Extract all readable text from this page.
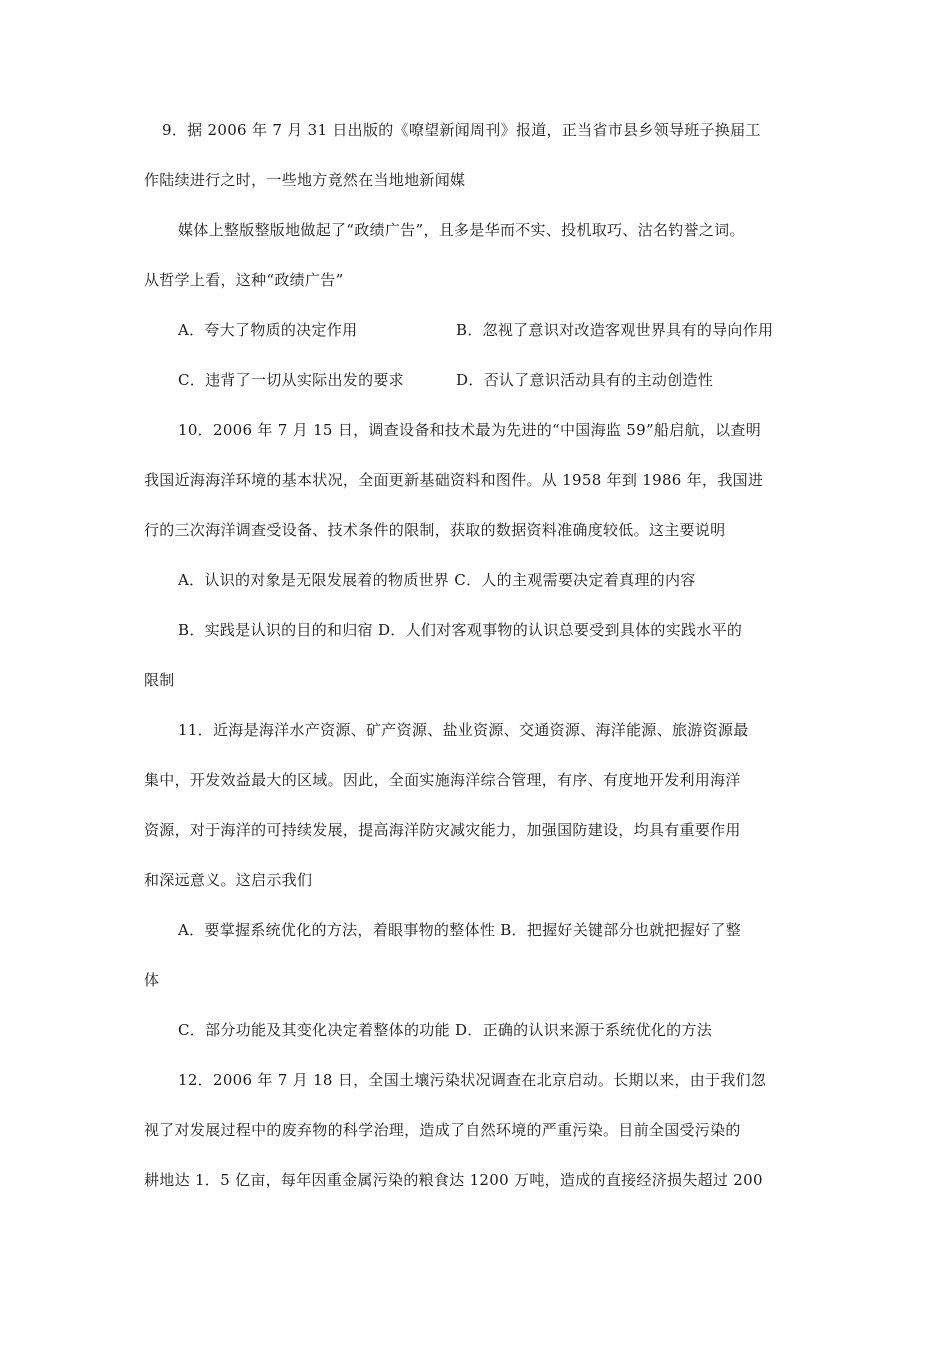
9．据 2006 年 7 月 31 日出版的《嘹望新闻周刊》报道，正当省市县乡领导班子换届工
作陆续进行之时，一些地方竟然在当地地新闻媒
媒体上整版整版地做起了“政绩广告”，且多是华而不实、投机取巧、沽名钓誉之词。
从哲学上看，这种“政绩广告”
A．夸大了物质的决定作用	B．忽视了意识对改造客观世界具有的导向作用
C．违背了一切从实际出发的要求	D．否认了意识活动具有的主动创造性
10．2006 年 7 月 15 日，调查设备和技术最为先进的“中国海监 59”船启航，以查明
我国近海海洋环境的基本状况，全面更新基础资料和图件。从 1958 年到 1986 年，我国进
行的三次海洋调查受设备、技术条件的限制，获取的数据资料准确度较低。这主要说明
A．认识的对象是无限发展着的物质世界 C．人的主观需要决定着真理的内容
B．实践是认识的目的和归宿 D．人们对客观事物的认识总要受到具体的实践水平的
限制
11．近海是海洋水产资源、矿产资源、盐业资源、交通资源、海洋能源、旅游资源最
集中，开发效益最大的区域。因此，全面实施海洋综合管理，有序、有度地开发利用海洋
资源，对于海洋的可持续发展，提高海洋防灾减灾能力，加强国防建设，均具有重要作用
和深远意义。这启示我们
A．要掌握系统优化的方法，着眼事物的整体性 B．把握好关键部分也就把握好了整
体
C．部分功能及其变化决定着整体的功能 D．正确的认识来源于系统优化的方法
12．2006 年 7 月 18 日，全国土壤污染状况调查在北京启动。长期以来，由于我们忽
视了对发展过程中的废弃物的科学治理，造成了自然环境的严重污染。目前全国受污染的
耕地达 1．5 亿亩，每年因重金属污染的粮食达 1200 万吨，造成的直接经济损失超过 200
